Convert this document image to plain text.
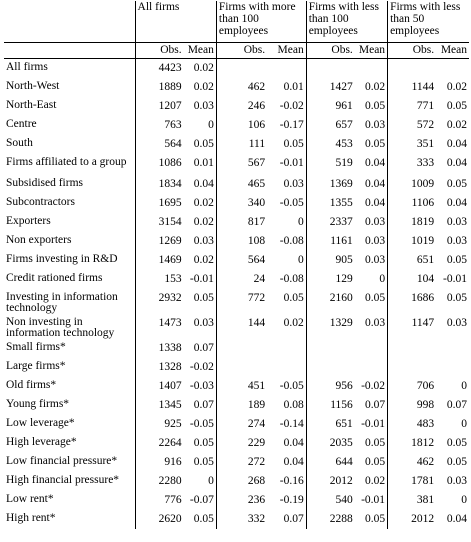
	All firms		Firms with more than 100 employees		Firms with less than 100 employees		Firms with less than 50 employees	
	Obs.	Mean	Obs.	Mean	Obs.	Mean	Obs.	Mean
All firms	4423	0.02						
North-West	1889	0.02	462	0.01	1427	0.02	1144	0.02
North-East	1207	0.03	246	-0.02	961	0.05	771	0.05
Centre	763	0	106	-0.17	657	0.03	572	0.02
South	564	0.05	111	0.05	453	0.05	351	0.04
Firms affiliated to a group	1086	0.01	567	-0.01	519	0.04	333	0.04
Subsidised firms	1834	0.04	465	0.03	1369	0.04	1009	0.05
Subcontractors	1695	0.02	340	-0.05	1355	0.04	1106	0.04
Exporters	3154	0.02	817	0	2337	0.03	1819	0.03
Non exporters	1269	0.03	108	-0.08	1161	0.03	1019	0.03
Firms investing in R&D	1469	0.02	564	0	905	0.03	651	0.05
Credit rationed firms	153	-0.01	24	-0.08	129	0	104	-0.01
Investing in information technology	2932	0.05	772	0.05	2160	0.05	1686	0.05
Non investing in information technology	1473	0.03	144	0.02	1329	0.03	1147	0.03
Small firms*	1338	0.07						
Large firms*	1328	-0.02						
Old firms*	1407	-0.03	451	-0.05	956	-0.02	706	0
Young firms*	1345	0.07	189	0.08	1156	0.07	998	0.07
Low leverage*	925	-0.05	274	-0.14	651	-0.01	483	0
High leverage*	2264	0.05	229	0.04	2035	0.05	1812	0.05
Low financial pressure*	916	0.05	272	0.04	644	0.05	462	0.05
High financial pressure*	2280	0	268	-0.16	2012	0.02	1781	0.03
Low rent*	776	-0.07	236	-0.19	540	-0.01	381	0
High rent*	2620	0.05	332	0.07	2288	0.05	2012	0.04
